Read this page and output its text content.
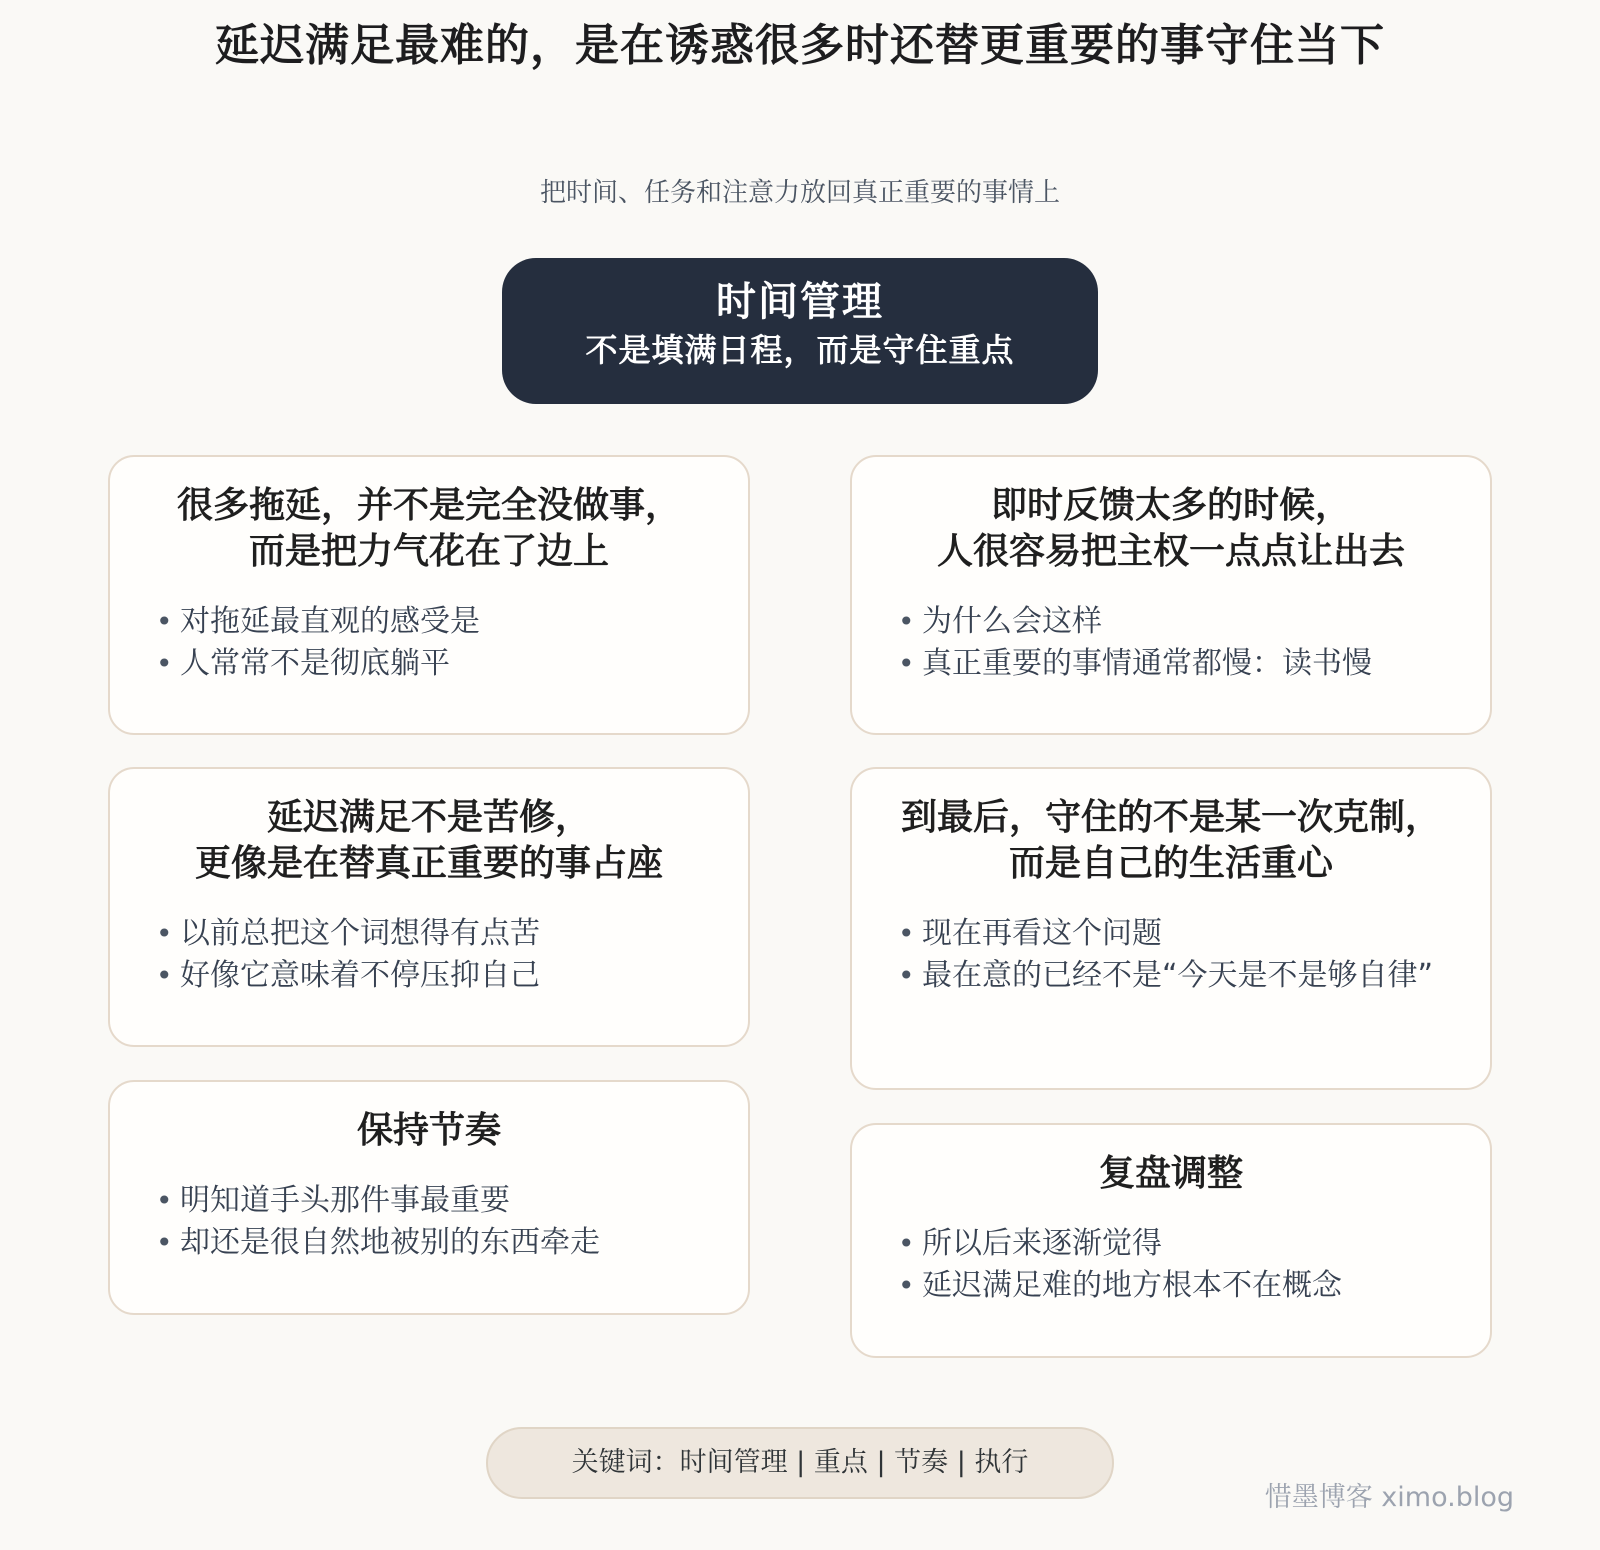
延迟满足最难的，是在诱惑很多时还替更重要的事守住当下
把时间、任务和注意力放回真正重要的事情上
时间管理
不是填满日程，而是守住重点
很多拖延，并不是完全没做事，
而是把力气花在了边上
• 对拖延最直观的感受是
• 人常常不是彻底躺平
即时反馈太多的时候，
人很容易把主权一点点让出去
• 为什么会这样
• 真正重要的事情通常都慢：读书慢
延迟满足不是苦修，
更像是在替真正重要的事占座
• 以前总把这个词想得有点苦
• 好像它意味着不停压抑自己
到最后，守住的不是某一次克制，
而是自己的生活重心
• 现在再看这个问题
• 最在意的已经不是“今天是不是够自律”
保持节奏
• 明知道手头那件事最重要
• 却还是很自然地被别的东西牵走
复盘调整
• 所以后来逐渐觉得
• 延迟满足难的地方根本不在概念
关键词：时间管理 | 重点 | 节奏 | 执行
惜墨博客 ximo.blog
